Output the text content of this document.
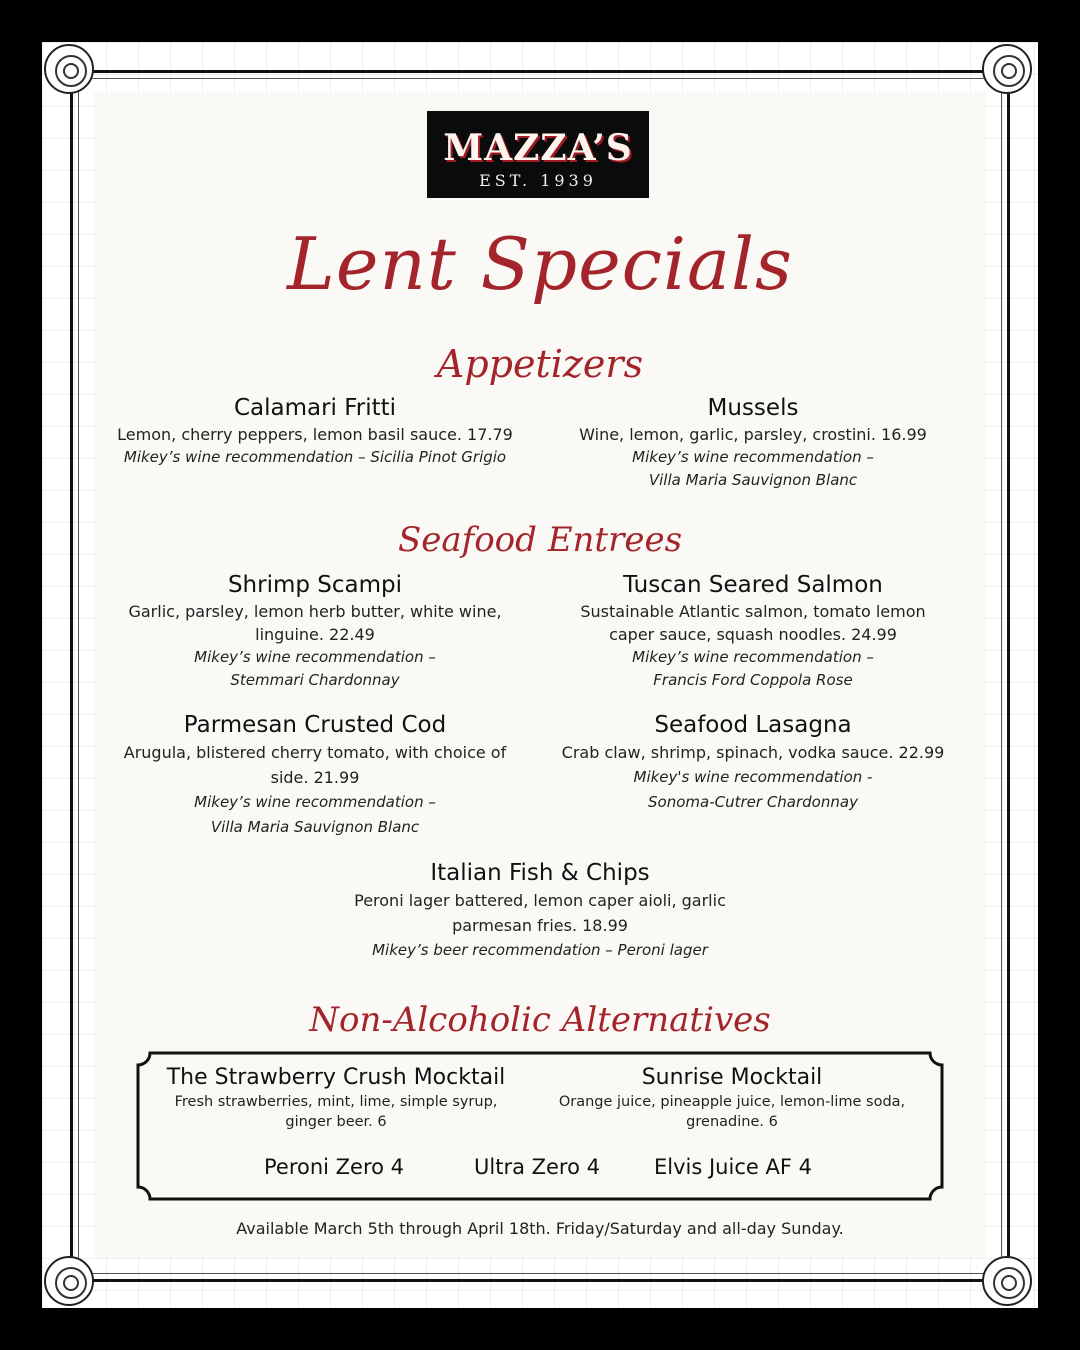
MAZZA’S
EST. 1939
Lent Specials
Appetizers
Calamari Fritti
Lemon, cherry peppers, lemon basil sauce. 17.79
Mikey’s wine recommendation – Sicilia Pinot Grigio
Mussels
Wine, lemon, garlic, parsley, crostini. 16.99
Mikey’s wine recommendation –
Villa Maria Sauvignon Blanc
Seafood Entrees
Shrimp Scampi
Garlic, parsley, lemon herb butter, white wine,
linguine. 22.49
Mikey’s wine recommendation –
Stemmari Chardonnay
Tuscan Seared Salmon
Sustainable Atlantic salmon, tomato lemon
caper sauce, squash noodles. 24.99
Mikey’s wine recommendation –
Francis Ford Coppola Rose
Parmesan Crusted Cod
Arugula, blistered cherry tomato, with choice of
side. 21.99
Mikey’s wine recommendation –
Villa Maria Sauvignon Blanc
Seafood Lasagna
Crab claw, shrimp, spinach, vodka sauce. 22.99
Mikey's wine recommendation -
Sonoma-Cutrer Chardonnay
Italian Fish & Chips
Peroni lager battered, lemon caper aioli, garlic
parmesan fries. 18.99
Mikey’s beer recommendation – Peroni lager
Non-Alcoholic Alternatives
The Strawberry Crush Mocktail
Fresh strawberries, mint, lime, simple syrup,
ginger beer. 6
Sunrise Mocktail
Orange juice, pineapple juice, lemon-lime soda,
grenadine. 6
Peroni Zero 4	Ultra Zero 4	Elvis Juice AF 4
Available March 5th through April 18th. Friday/Saturday and all-day Sunday.
